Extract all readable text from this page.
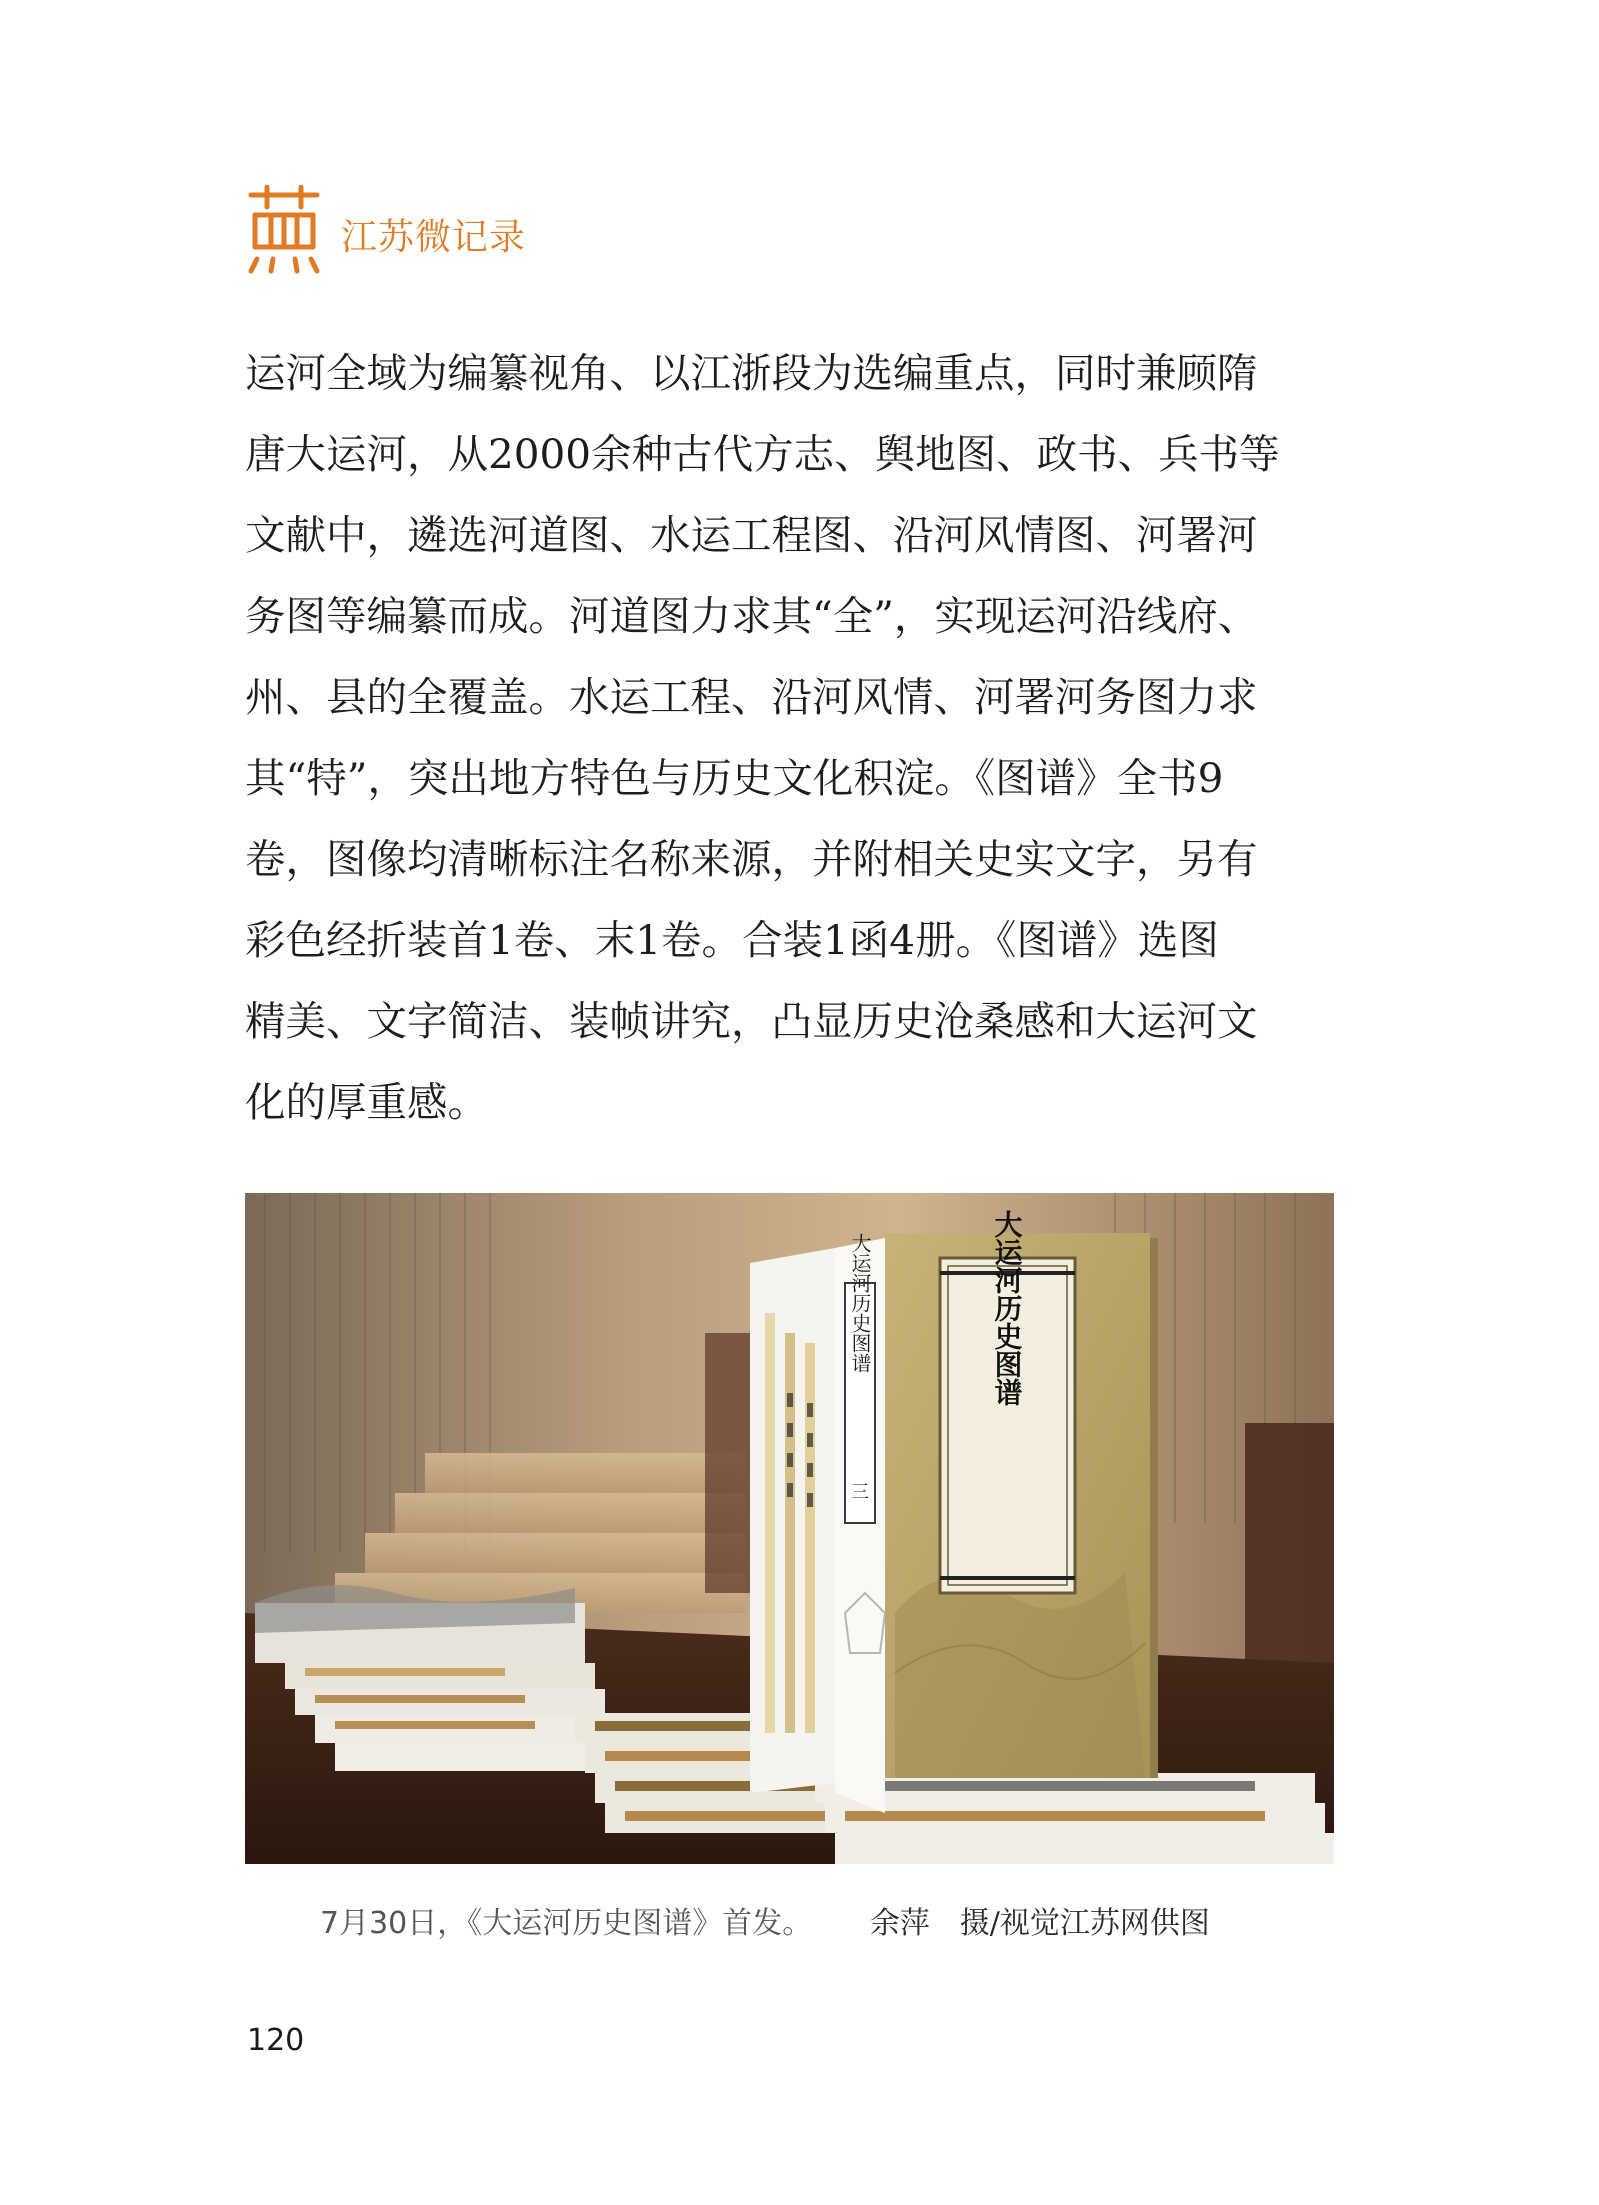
江苏微记录
运河全域为编纂视角、以江浙段为选编重点，同时兼顾隋
唐大运河，从2000余种古代方志、舆地图、政书、兵书等
文献中，遴选河道图、水运工程图、沿河风情图、河署河
务图等编纂而成。河道图力求其“全”，实现运河沿线府、
州、县的全覆盖。水运工程、沿河风情、河署河务图力求
其“特”，突出地方特色与历史文化积淀。《图谱》全书9
卷，图像均清晰标注名称来源，并附相关史实文字，另有
彩色经折装首1卷、末1卷。合装1函4册。《图谱》选图
精美、文字简洁、装帧讲究，凸显历史沧桑感和大运河文
化的厚重感。
大运河历史图谱
三
大运河历史图谱
7月30日，《大运河历史图谱》首发。 余萍　摄/视觉江苏网供图
120
